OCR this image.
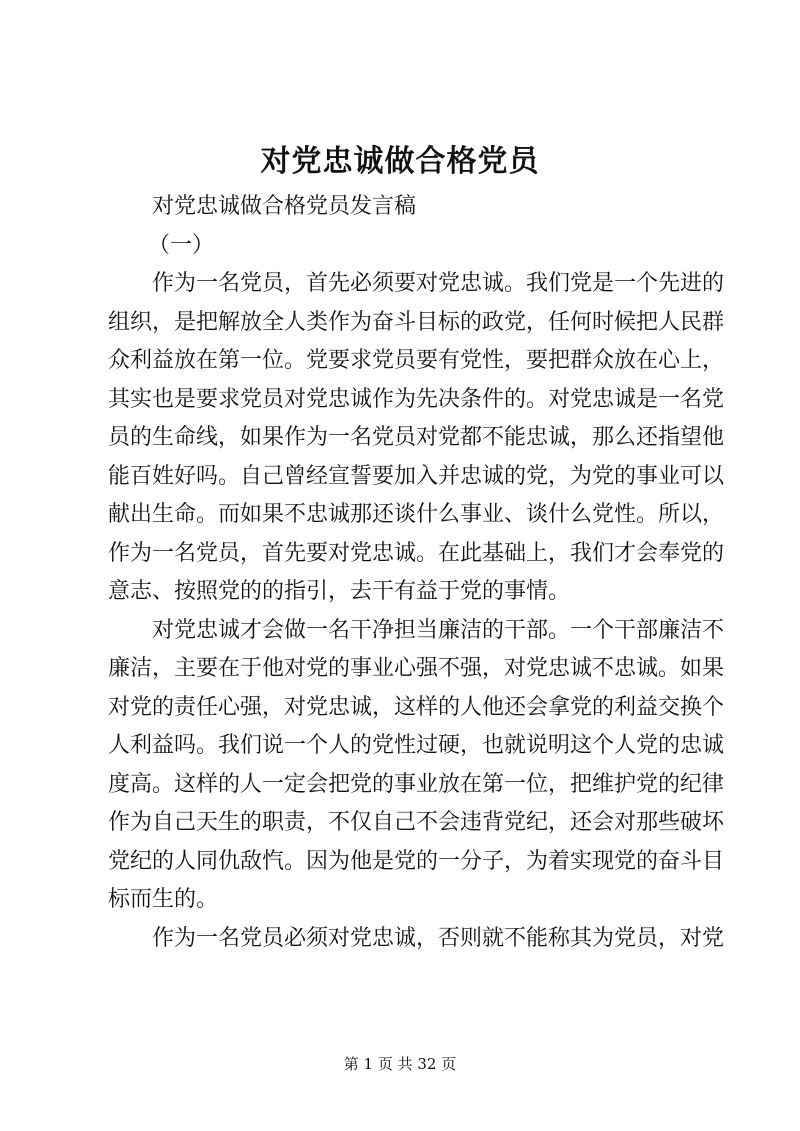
对党忠诚做合格党员
对党忠诚做合格党员发言稿
（一）
作为一名党员，首先必须要对党忠诚。我们党是一个先进的
组织，是把解放全人类作为奋斗目标的政党，任何时候把人民群
众利益放在第一位。党要求党员要有党性，要把群众放在心上，
其实也是要求党员对党忠诚作为先决条件的。对党忠诚是一名党
员的生命线，如果作为一名党员对党都不能忠诚，那么还指望他
能百姓好吗。自己曾经宣誓要加入并忠诚的党，为党的事业可以
献出生命。而如果不忠诚那还谈什么事业、谈什么党性。所以，
作为一名党员，首先要对党忠诚。在此基础上，我们才会奉党的
意志、按照党的的指引，去干有益于党的事情。
对党忠诚才会做一名干净担当廉洁的干部。一个干部廉洁不
廉洁，主要在于他对党的事业心强不强，对党忠诚不忠诚。如果
对党的责任心强，对党忠诚，这样的人他还会拿党的利益交换个
人利益吗。我们说一个人的党性过硬，也就说明这个人党的忠诚
度高。这样的人一定会把党的事业放在第一位，把维护党的纪律
作为自己天生的职责，不仅自己不会违背党纪，还会对那些破坏
党纪的人同仇敌忾。因为他是党的一分子，为着实现党的奋斗目
标而生的。
作为一名党员必须对党忠诚，否则就不能称其为党员，对党
第 1 页 共 32 页
